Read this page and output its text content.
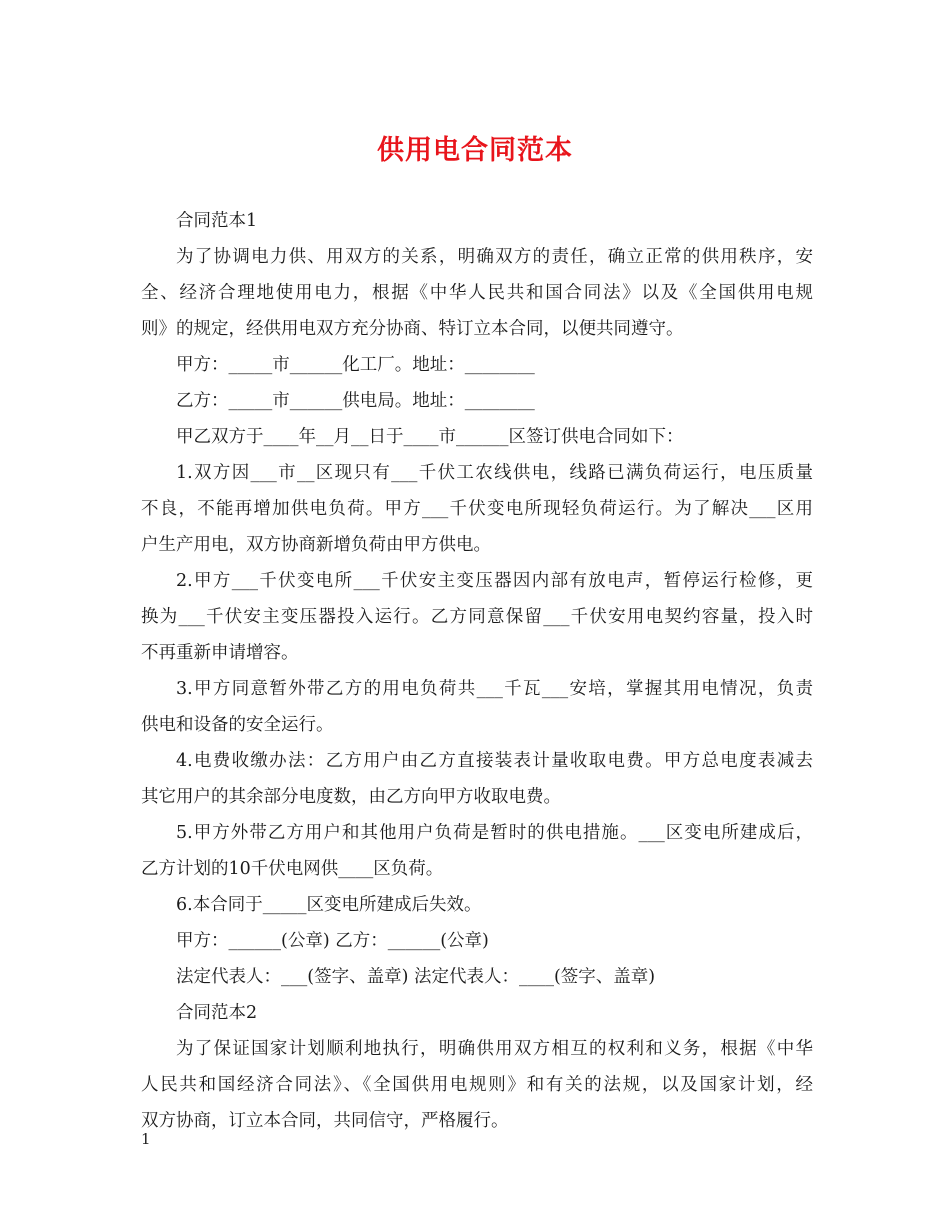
供用电合同范本
合同范本1
为了协调电力供、用双方的关系，明确双方的责任，确立正常的供用秩序，安
全、经济合理地使用电力，根据《中华人民共和国合同法》以及《全国供用电规
则》的规定，经供用电双方充分协商、特订立本合同，以便共同遵守。
甲方：_____市______化工厂。地址：________
乙方：_____市______供电局。地址：________
甲乙双方于____年__月__日于____市______区签订供电合同如下：
1.双方因___市__区现只有___千伏工农线供电，线路已满负荷运行，电压质量
不良，不能再增加供电负荷。甲方___千伏变电所现轻负荷运行。为了解决___区用
户生产用电，双方协商新增负荷由甲方供电。
2.甲方___千伏变电所___千伏安主变压器因内部有放电声，暂停运行检修，更
换为___千伏安主变压器投入运行。乙方同意保留___千伏安用电契约容量，投入时
不再重新申请增容。
3.甲方同意暂外带乙方的用电负荷共___千瓦___安培，掌握其用电情况，负责
供电和设备的安全运行。
4.电费收缴办法：乙方用户由乙方直接装表计量收取电费。甲方总电度表减去
其它用户的其余部分电度数，由乙方向甲方收取电费。
5.甲方外带乙方用户和其他用户负荷是暂时的供电措施。___区变电所建成后，
乙方计划的10千伏电网供____区负荷。
6.本合同于_____区变电所建成后失效。
甲方：______(公章) 乙方：______(公章)
法定代表人：___(签字、盖章) 法定代表人：____(签字、盖章)
合同范本2
为了保证国家计划顺利地执行，明确供用双方相互的权利和义务，根据《中华
人民共和国经济合同法》、《全国供用电规则》和有关的法规，以及国家计划，经
双方协商，订立本合同，共同信守，严格履行。
1
